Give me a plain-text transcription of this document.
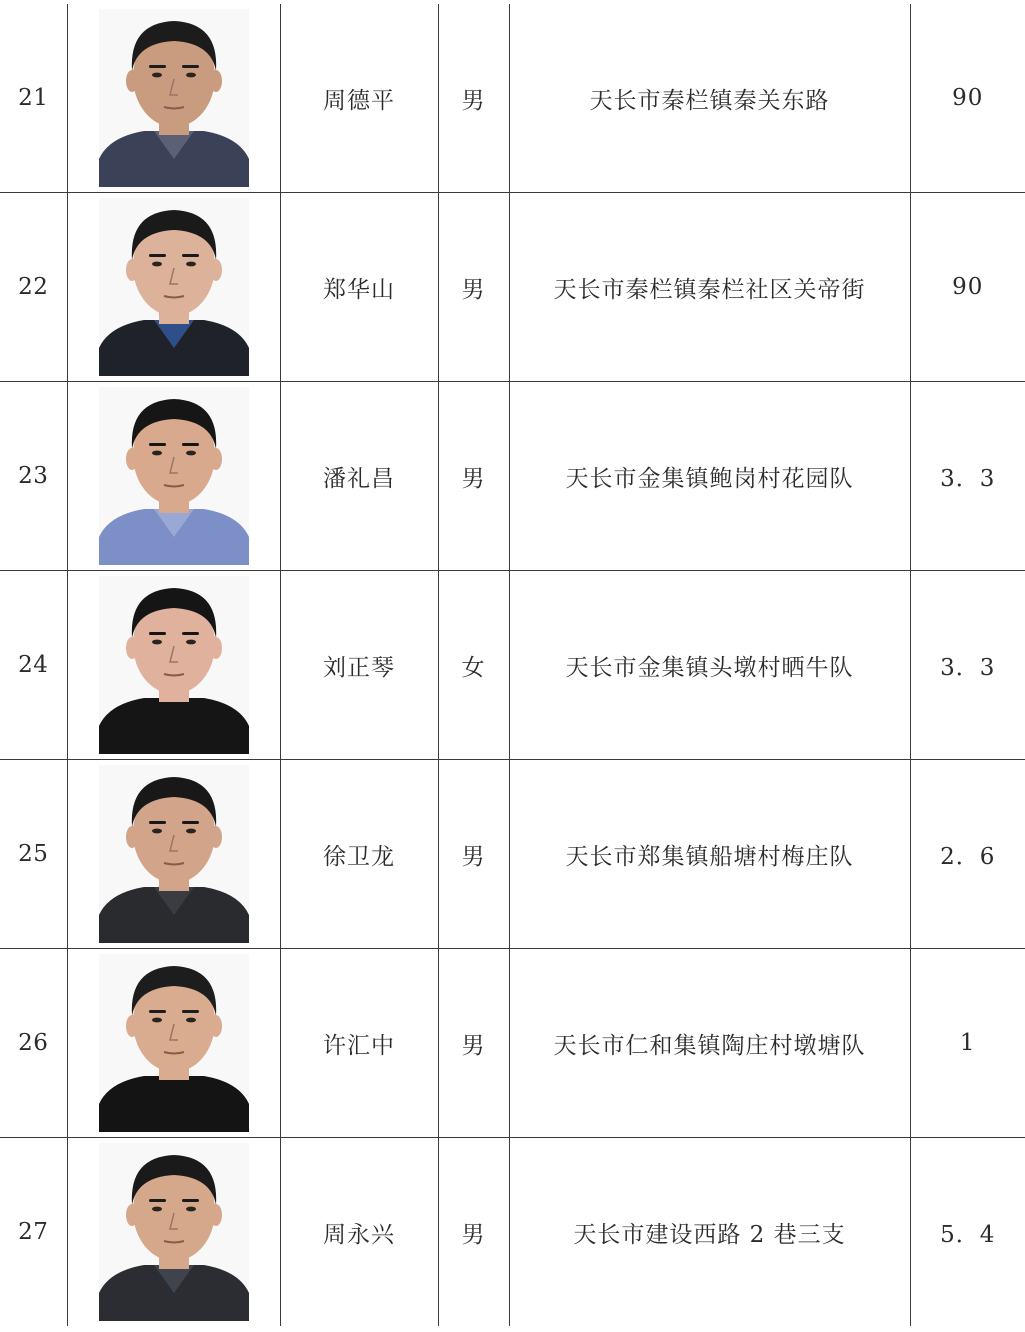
21		周德平	男	天长市秦栏镇秦关东路	90
22		郑华山	男	天长市秦栏镇秦栏社区关帝街	90
23		潘礼昌	男	天长市金集镇鲍岗村花园队	3．3
24		刘正琴	女	天长市金集镇头墩村晒牛队	3．3
25		徐卫龙	男	天长市郑集镇船塘村梅庄队	2．6
26		许汇中	男	天长市仁和集镇陶庄村墩塘队	1
27		周永兴	男	天长市建设西路 2 巷三支	5．4
